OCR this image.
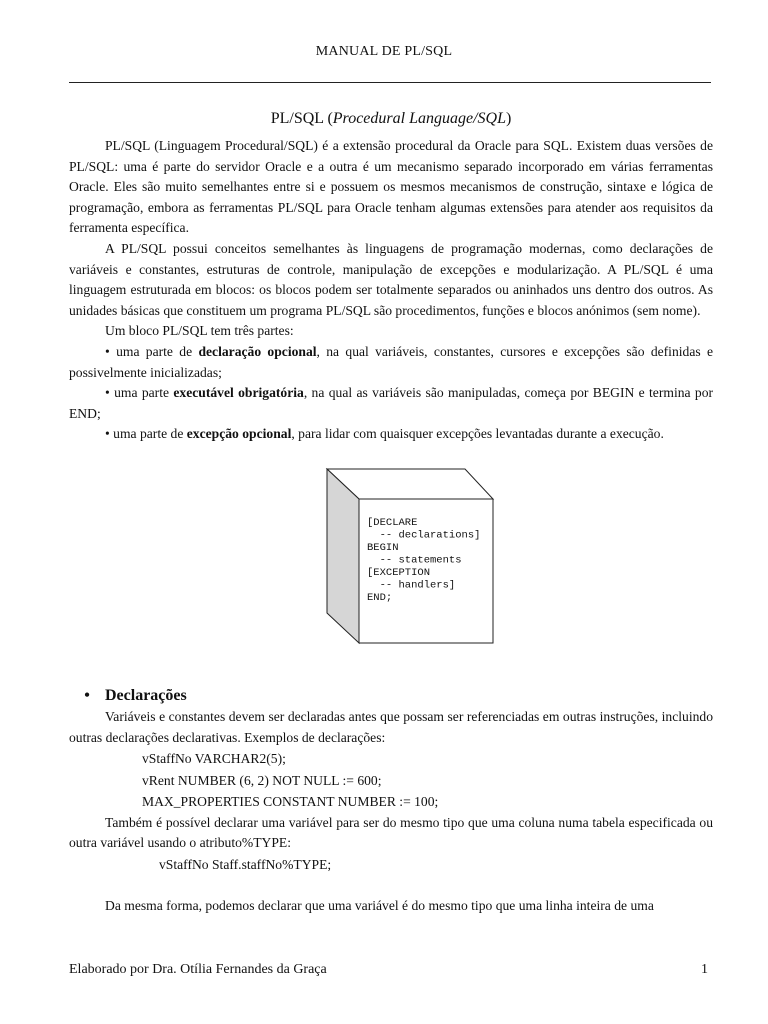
MANUAL DE PL/SQL
PL/SQL (Procedural Language/SQL)

PL/SQL (Linguagem Procedural/SQL) é a extensão procedural da Oracle para SQL. Existem duas versões de PL/SQL: uma é parte do servidor Oracle e a outra é um mecanismo separado incorporado em várias ferramentas Oracle. Eles são muito semelhantes entre si e possuem os mesmos mecanismos de construção, sintaxe e lógica de programação, embora as ferramentas PL/SQL para Oracle tenham algumas extensões para atender aos requisitos da ferramenta específica.

A PL/SQL possui conceitos semelhantes às linguagens de programação modernas, como declarações de variáveis e constantes, estruturas de controle, manipulação de excepções e modularização. A PL/SQL é uma linguagem estruturada em blocos: os blocos podem ser totalmente separados ou aninhados uns dentro dos outros. As unidades básicas que constituem um programa PL/SQL são procedimentos, funções e blocos anónimos (sem nome).

Um bloco PL/SQL tem três partes:

• uma parte de declaração opcional, na qual variáveis, constantes, cursores e excepções são definidas e possivelmente inicializadas;

• uma parte executável obrigatória, na qual as variáveis são manipuladas, começa por BEGIN e termina por END;

• uma parte de excepção opcional, para lidar com quaisquer excepções levantadas durante a execução.

[DECLARE
-- declarations]
BEGIN
-- statements
[EXCEPTION
-- handlers]
END;
• Declarações

Variáveis e constantes devem ser declaradas antes que possam ser referenciadas em outras instruções, incluindo outras declarações declarativas. Exemplos de declarações:

vStaffNo VARCHAR2(5);
vRent NUMBER (6, 2) NOT NULL := 600;
MAX_PROPERTIES CONSTANT NUMBER := 100;

Também é possível declarar uma variável para ser do mesmo tipo que uma coluna numa tabela especificada ou outra variável usando o atributo%TYPE:

vStaffNo Staff.staffNo%TYPE;

Da mesma forma, podemos declarar que uma variável é do mesmo tipo que uma linha inteira de uma

Elaborado por Dra. Otília Fernandes da Graça	1
